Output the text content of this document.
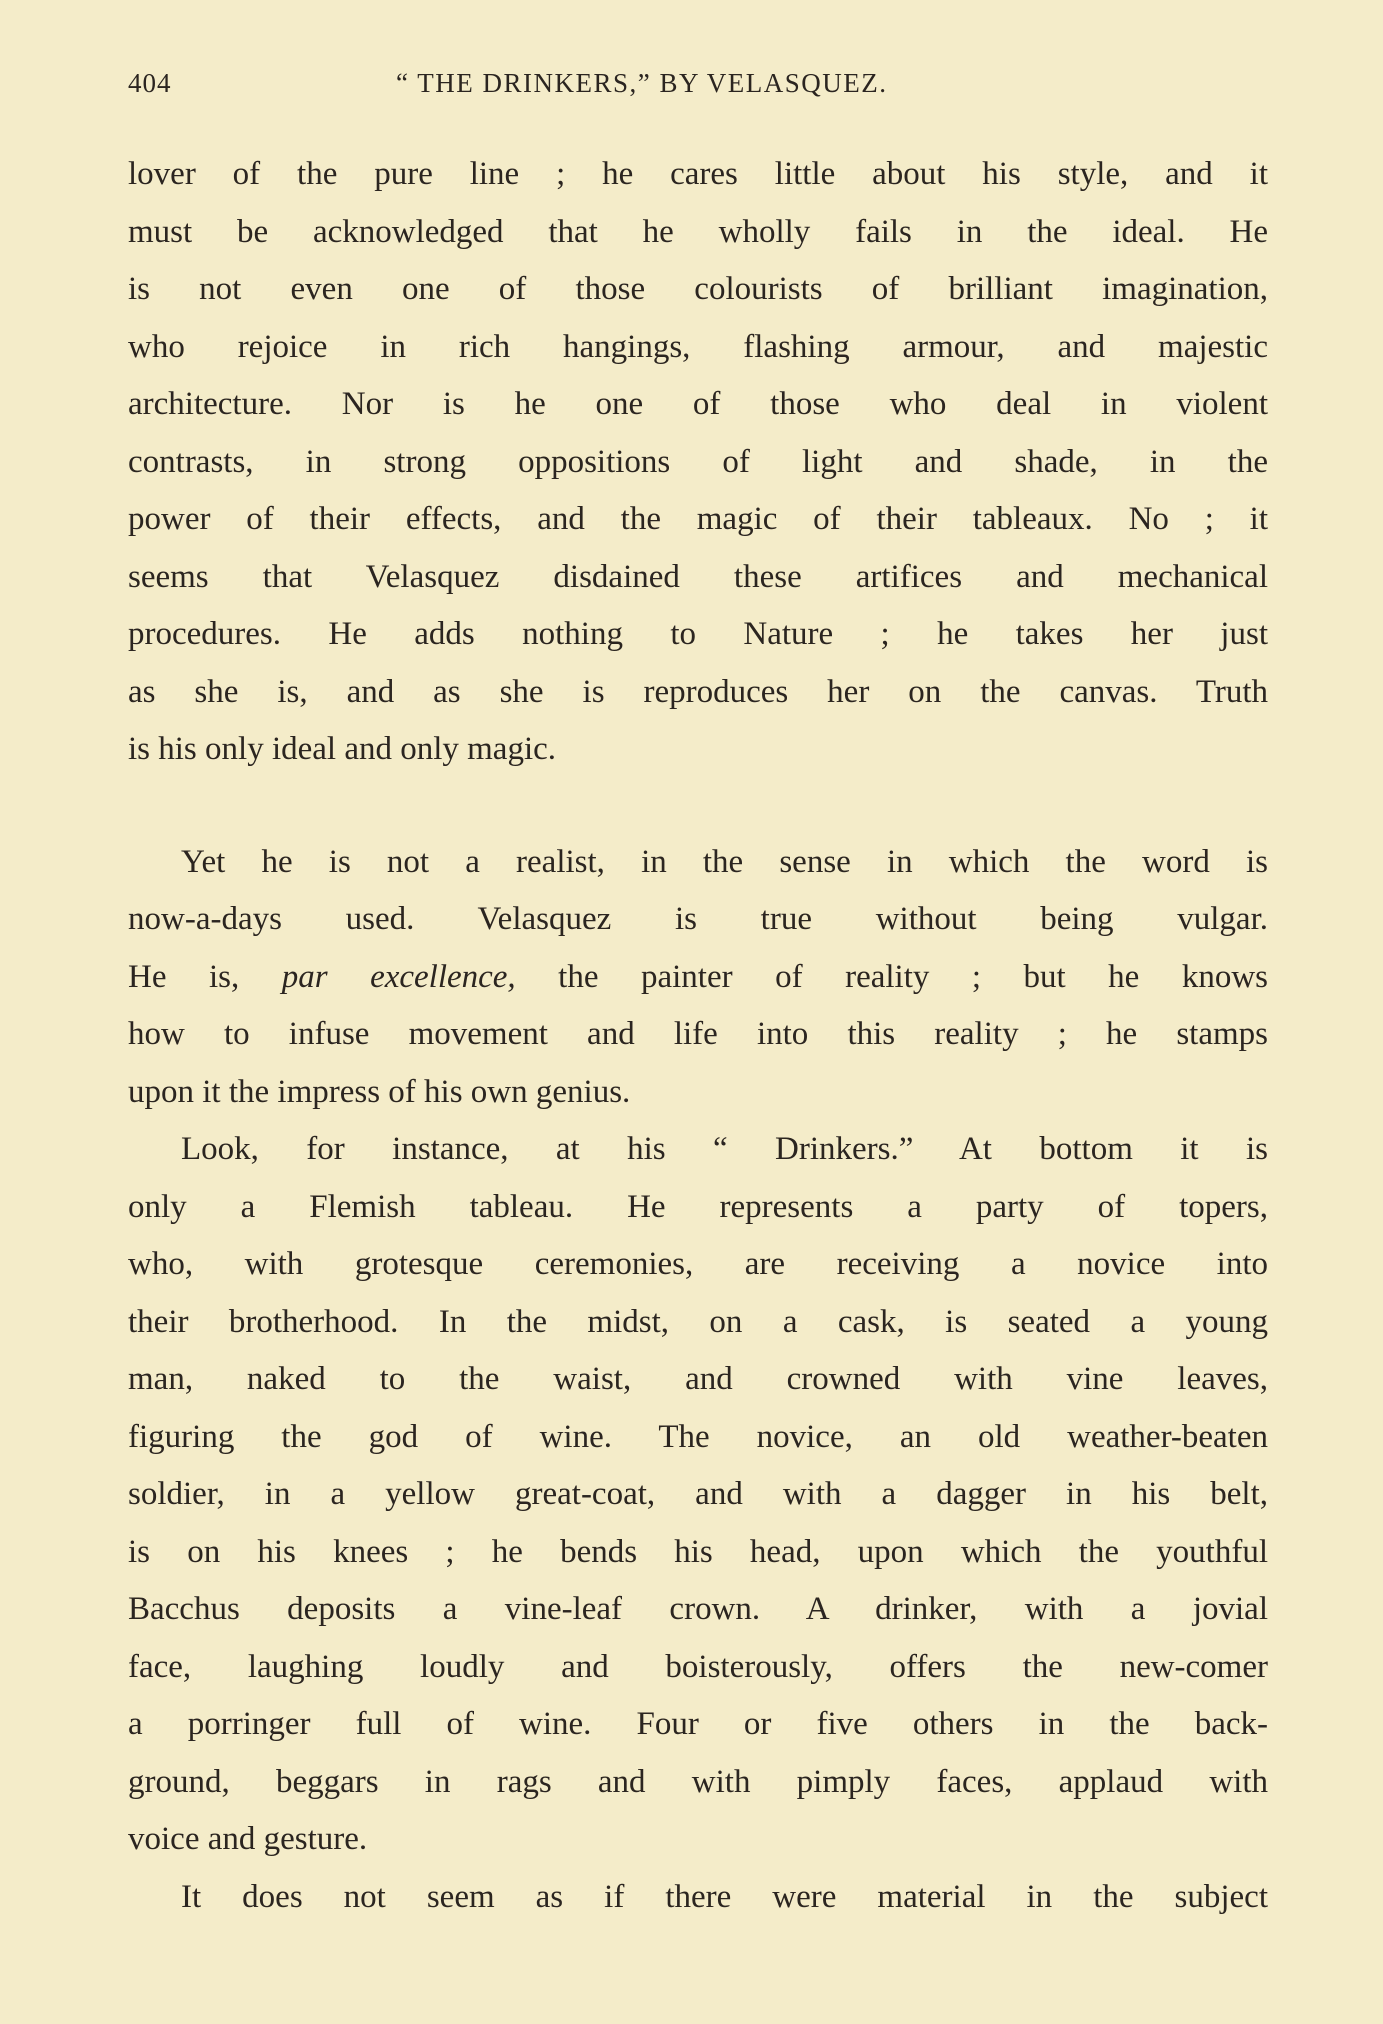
404	“ THE DRINKERS,” BY VELASQUEZ.
lover of the pure line ; he cares little about his style, and it
must be acknowledged that he wholly fails in the ideal. He
is not even one of those colourists of brilliant imagination,
who rejoice in rich hangings, flashing armour, and majestic
architecture. Nor is he one of those who deal in violent
contrasts, in strong oppositions of light and shade, in the
power of their effects, and the magic of their tableaux. No ; it
seems that Velasquez disdained these artifices and mechanical
procedures. He adds nothing to Nature ; he takes her just
as she is, and as she is reproduces her on the canvas. Truth
is his only ideal and only magic.
Yet he is not a realist, in the sense in which the word is
now-a-days used. Velasquez is true without being vulgar.
He is, par excellence, the painter of reality ; but he knows
how to infuse movement and life into this reality ; he stamps
upon it the impress of his own genius.
Look, for instance, at his “ Drinkers.” At bottom it is
only a Flemish tableau. He represents a party of topers,
who, with grotesque ceremonies, are receiving a novice into
their brotherhood. In the midst, on a cask, is seated a young
man, naked to the waist, and crowned with vine leaves,
figuring the god of wine. The novice, an old weather-beaten
soldier, in a yellow great-coat, and with a dagger in his belt,
is on his knees ; he bends his head, upon which the youthful
Bacchus deposits a vine-leaf crown. A drinker, with a jovial
face, laughing loudly and boisterously, offers the new-comer
a porringer full of wine. Four or five others in the back-
ground, beggars in rags and with pimply faces, applaud with
voice and gesture.
It does not seem as if there were material in the subject
